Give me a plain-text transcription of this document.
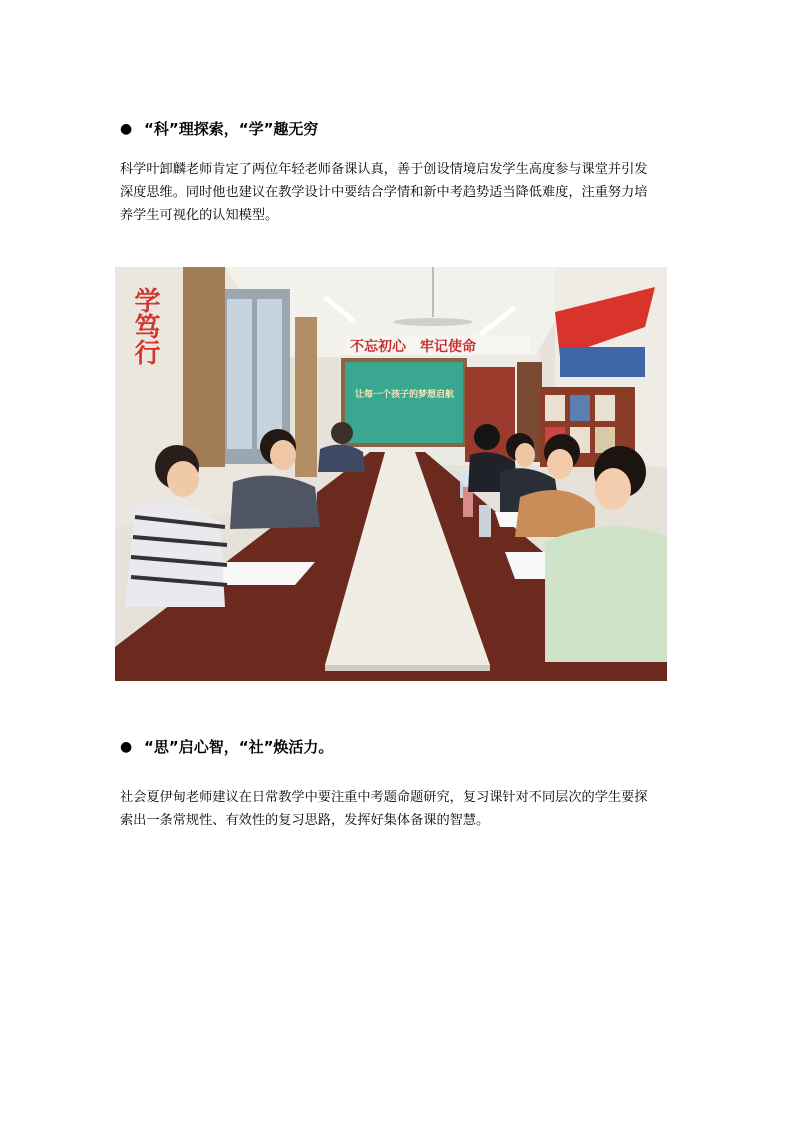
● “科”理探索，“学”趣无穷
科学叶卸麟老师肯定了两位年轻老师备课认真，善于创设情境启发学生高度参与课堂并引发
深度思维。同时他也建议在教学设计中要结合学情和新中考趋势适当降低难度，注重努力培
养学生可视化的认知模型。
学笃行	不忘初心 牢记使命
让每一个孩子的梦想启航
● “思”启心智，“社”焕活力。
社会夏伊甸老师建议在日常教学中要注重中考题命题研究，复习课针对不同层次的学生要探
索出一条常规性、有效性的复习思路，发挥好集体备课的智慧。
